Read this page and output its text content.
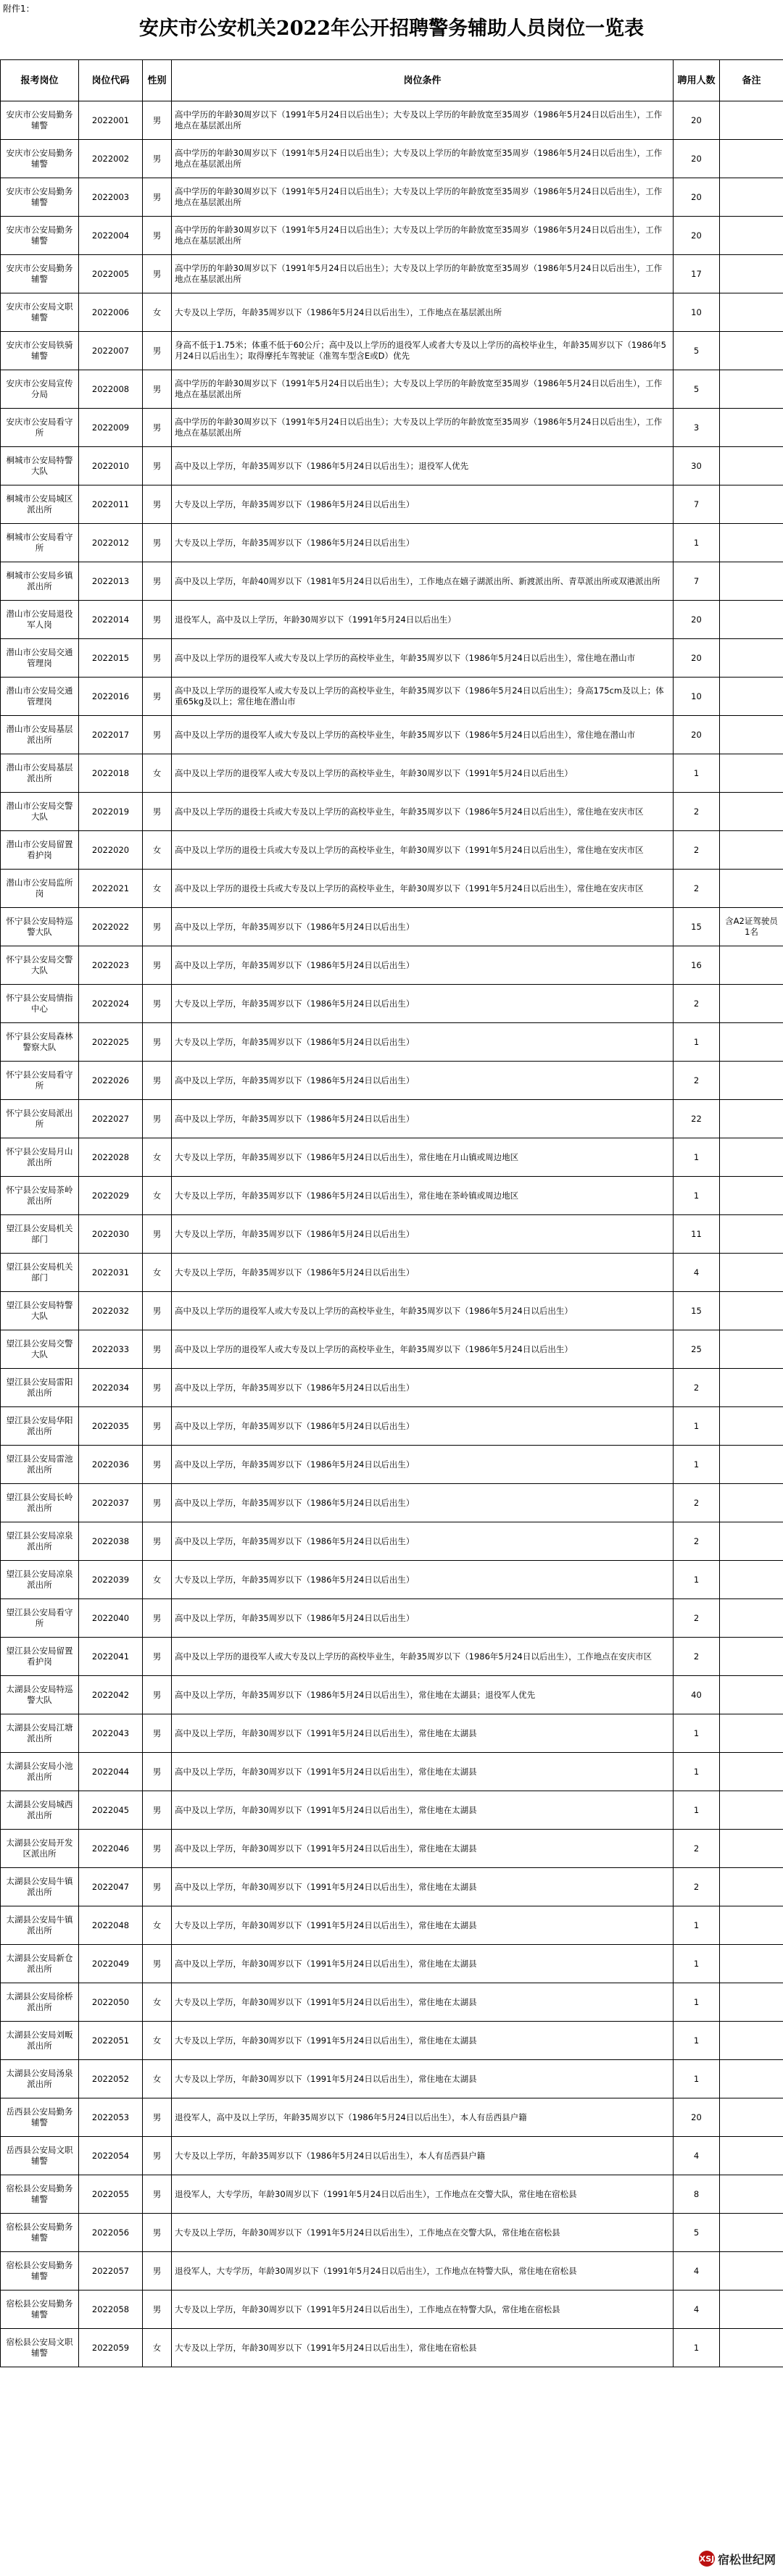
附件1：
安庆市公安机关2022年公开招聘警务辅助人员岗位一览表
报考岗位	岗位代码	性别	岗位条件	聘用人数	备注
安庆市公安局勤务辅警	2022001	男	高中学历的年龄30周岁以下（1991年5月24日以后出生）；大专及以上学历的年龄放宽至35周岁（1986年5月24日以后出生），工作地点在基层派出所	20	
安庆市公安局勤务辅警	2022002	男	高中学历的年龄30周岁以下（1991年5月24日以后出生）；大专及以上学历的年龄放宽至35周岁（1986年5月24日以后出生），工作地点在基层派出所	20	
安庆市公安局勤务辅警	2022003	男	高中学历的年龄30周岁以下（1991年5月24日以后出生）；大专及以上学历的年龄放宽至35周岁（1986年5月24日以后出生），工作地点在基层派出所	20	
安庆市公安局勤务辅警	2022004	男	高中学历的年龄30周岁以下（1991年5月24日以后出生）；大专及以上学历的年龄放宽至35周岁（1986年5月24日以后出生），工作地点在基层派出所	20	
安庆市公安局勤务辅警	2022005	男	高中学历的年龄30周岁以下（1991年5月24日以后出生）；大专及以上学历的年龄放宽至35周岁（1986年5月24日以后出生），工作地点在基层派出所	17	
安庆市公安局文职辅警	2022006	女	大专及以上学历，年龄35周岁以下（1986年5月24日以后出生），工作地点在基层派出所	10	
安庆市公安局铁骑辅警	2022007	男	身高不低于1.75米；体重不低于60公斤；高中及以上学历的退役军人或者大专及以上学历的高校毕业生，年龄35周岁以下（1986年5月24日以后出生）；取得摩托车驾驶证（准驾车型含E或D）优先	5	
安庆市公安局宣传分局	2022008	男	高中学历的年龄30周岁以下（1991年5月24日以后出生）；大专及以上学历的年龄放宽至35周岁（1986年5月24日以后出生），工作地点在基层派出所	5	
安庆市公安局看守所	2022009	男	高中学历的年龄30周岁以下（1991年5月24日以后出生）；大专及以上学历的年龄放宽至35周岁（1986年5月24日以后出生），工作地点在基层派出所	3	
桐城市公安局特警大队	2022010	男	高中及以上学历，年龄35周岁以下（1986年5月24日以后出生）；退役军人优先	30	
桐城市公安局城区派出所	2022011	男	大专及以上学历，年龄35周岁以下（1986年5月24日以后出生）	7	
桐城市公安局看守所	2022012	男	大专及以上学历，年龄35周岁以下（1986年5月24日以后出生）	1	
桐城市公安局乡镇派出所	2022013	男	高中及以上学历，年龄40周岁以下（1981年5月24日以后出生），工作地点在嬉子湖派出所、新渡派出所、青草派出所或双港派出所	7	
潜山市公安局退役军人岗	2022014	男	退役军人，高中及以上学历，年龄30周岁以下（1991年5月24日以后出生）	20	
潜山市公安局交通管理岗	2022015	男	高中及以上学历的退役军人或大专及以上学历的高校毕业生，年龄35周岁以下（1986年5月24日以后出生），常住地在潜山市	20	
潜山市公安局交通管理岗	2022016	男	高中及以上学历的退役军人或大专及以上学历的高校毕业生，年龄35周岁以下（1986年5月24日以后出生）；身高175cm及以上；体重65kg及以上；常住地在潜山市	10	
潜山市公安局基层派出所	2022017	男	高中及以上学历的退役军人或大专及以上学历的高校毕业生，年龄35周岁以下（1986年5月24日以后出生），常住地在潜山市	20	
潜山市公安局基层派出所	2022018	女	高中及以上学历的退役军人或大专及以上学历的高校毕业生，年龄30周岁以下（1991年5月24日以后出生）	1	
潜山市公安局交警大队	2022019	男	高中及以上学历的退役士兵或大专及以上学历的高校毕业生，年龄35周岁以下（1986年5月24日以后出生），常住地在安庆市区	2	
潜山市公安局留置看护岗	2022020	女	高中及以上学历的退役士兵或大专及以上学历的高校毕业生，年龄30周岁以下（1991年5月24日以后出生），常住地在安庆市区	2	
潜山市公安局监所岗	2022021	女	高中及以上学历的退役士兵或大专及以上学历的高校毕业生，年龄30周岁以下（1991年5月24日以后出生），常住地在安庆市区	2	
怀宁县公安局特巡警大队	2022022	男	高中及以上学历，年龄35周岁以下（1986年5月24日以后出生）	15	含A2证驾驶员1名
怀宁县公安局交警大队	2022023	男	高中及以上学历，年龄35周岁以下（1986年5月24日以后出生）	16	
怀宁县公安局情指中心	2022024	男	大专及以上学历，年龄35周岁以下（1986年5月24日以后出生）	2	
怀宁县公安局森林警察大队	2022025	男	大专及以上学历，年龄35周岁以下（1986年5月24日以后出生）	1	
怀宁县公安局看守所	2022026	男	高中及以上学历，年龄35周岁以下（1986年5月24日以后出生）	2	
怀宁县公安局派出所	2022027	男	高中及以上学历，年龄35周岁以下（1986年5月24日以后出生）	22	
怀宁县公安局月山派出所	2022028	女	大专及以上学历，年龄35周岁以下（1986年5月24日以后出生），常住地在月山镇或周边地区	1	
怀宁县公安局茶岭派出所	2022029	女	大专及以上学历，年龄35周岁以下（1986年5月24日以后出生），常住地在茶岭镇或周边地区	1	
望江县公安局机关部门	2022030	男	大专及以上学历，年龄35周岁以下（1986年5月24日以后出生）	11	
望江县公安局机关部门	2022031	女	大专及以上学历，年龄35周岁以下（1986年5月24日以后出生）	4	
望江县公安局特警大队	2022032	男	高中及以上学历的退役军人或大专及以上学历的高校毕业生，年龄35周岁以下（1986年5月24日以后出生）	15	
望江县公安局交警大队	2022033	男	高中及以上学历的退役军人或大专及以上学历的高校毕业生，年龄35周岁以下（1986年5月24日以后出生）	25	
望江县公安局雷阳派出所	2022034	男	高中及以上学历，年龄35周岁以下（1986年5月24日以后出生）	2	
望江县公安局华阳派出所	2022035	男	高中及以上学历，年龄35周岁以下（1986年5月24日以后出生）	1	
望江县公安局雷池派出所	2022036	男	高中及以上学历，年龄35周岁以下（1986年5月24日以后出生）	1	
望江县公安局长岭派出所	2022037	男	高中及以上学历，年龄35周岁以下（1986年5月24日以后出生）	2	
望江县公安局凉泉派出所	2022038	男	高中及以上学历，年龄35周岁以下（1986年5月24日以后出生）	2	
望江县公安局凉泉派出所	2022039	女	大专及以上学历，年龄35周岁以下（1986年5月24日以后出生）	1	
望江县公安局看守所	2022040	男	高中及以上学历，年龄35周岁以下（1986年5月24日以后出生）	2	
望江县公安局留置看护岗	2022041	男	高中及以上学历的退役军人或大专及以上学历的高校毕业生，年龄35周岁以下（1986年5月24日以后出生），工作地点在安庆市区	2	
太湖县公安局特巡警大队	2022042	男	高中及以上学历，年龄35周岁以下（1986年5月24日以后出生），常住地在太湖县；退役军人优先	40	
太湖县公安局江塘派出所	2022043	男	高中及以上学历，年龄30周岁以下（1991年5月24日以后出生），常住地在太湖县	1	
太湖县公安局小池派出所	2022044	男	高中及以上学历，年龄30周岁以下（1991年5月24日以后出生），常住地在太湖县	1	
太湖县公安局城西派出所	2022045	男	高中及以上学历，年龄30周岁以下（1991年5月24日以后出生），常住地在太湖县	1	
太湖县公安局开发区派出所	2022046	男	高中及以上学历，年龄30周岁以下（1991年5月24日以后出生），常住地在太湖县	2	
太湖县公安局牛镇派出所	2022047	男	高中及以上学历，年龄30周岁以下（1991年5月24日以后出生），常住地在太湖县	2	
太湖县公安局牛镇派出所	2022048	女	大专及以上学历，年龄30周岁以下（1991年5月24日以后出生），常住地在太湖县	1	
太湖县公安局新仓派出所	2022049	男	高中及以上学历，年龄30周岁以下（1991年5月24日以后出生），常住地在太湖县	1	
太湖县公安局徐桥派出所	2022050	女	大专及以上学历，年龄30周岁以下（1991年5月24日以后出生），常住地在太湖县	1	
太湖县公安局刘畈派出所	2022051	女	大专及以上学历，年龄30周岁以下（1991年5月24日以后出生），常住地在太湖县	1	
太湖县公安局汤泉派出所	2022052	女	大专及以上学历，年龄30周岁以下（1991年5月24日以后出生），常住地在太湖县	1	
岳西县公安局勤务辅警	2022053	男	退役军人，高中及以上学历，年龄35周岁以下（1986年5月24日以后出生），本人有岳西县户籍	20	
岳西县公安局文职辅警	2022054	男	大专及以上学历，年龄35周岁以下（1986年5月24日以后出生），本人有岳西县户籍	4	
宿松县公安局勤务辅警	2022055	男	退役军人，大专学历，年龄30周岁以下（1991年5月24日以后出生），工作地点在交警大队，常住地在宿松县	8	
宿松县公安局勤务辅警	2022056	男	大专及以上学历，年龄30周岁以下（1991年5月24日以后出生），工作地点在交警大队，常住地在宿松县	5	
宿松县公安局勤务辅警	2022057	男	退役军人，大专学历，年龄30周岁以下（1991年5月24日以后出生），工作地点在特警大队，常住地在宿松县	4	
宿松县公安局勤务辅警	2022058	男	大专及以上学历，年龄30周岁以下（1991年5月24日以后出生），工作地点在特警大队，常住地在宿松县	4	
宿松县公安局文职辅警	2022059	女	大专及以上学历，年龄30周岁以下（1991年5月24日以后出生），常住地在宿松县	1	
XSJ 宿松世纪网
